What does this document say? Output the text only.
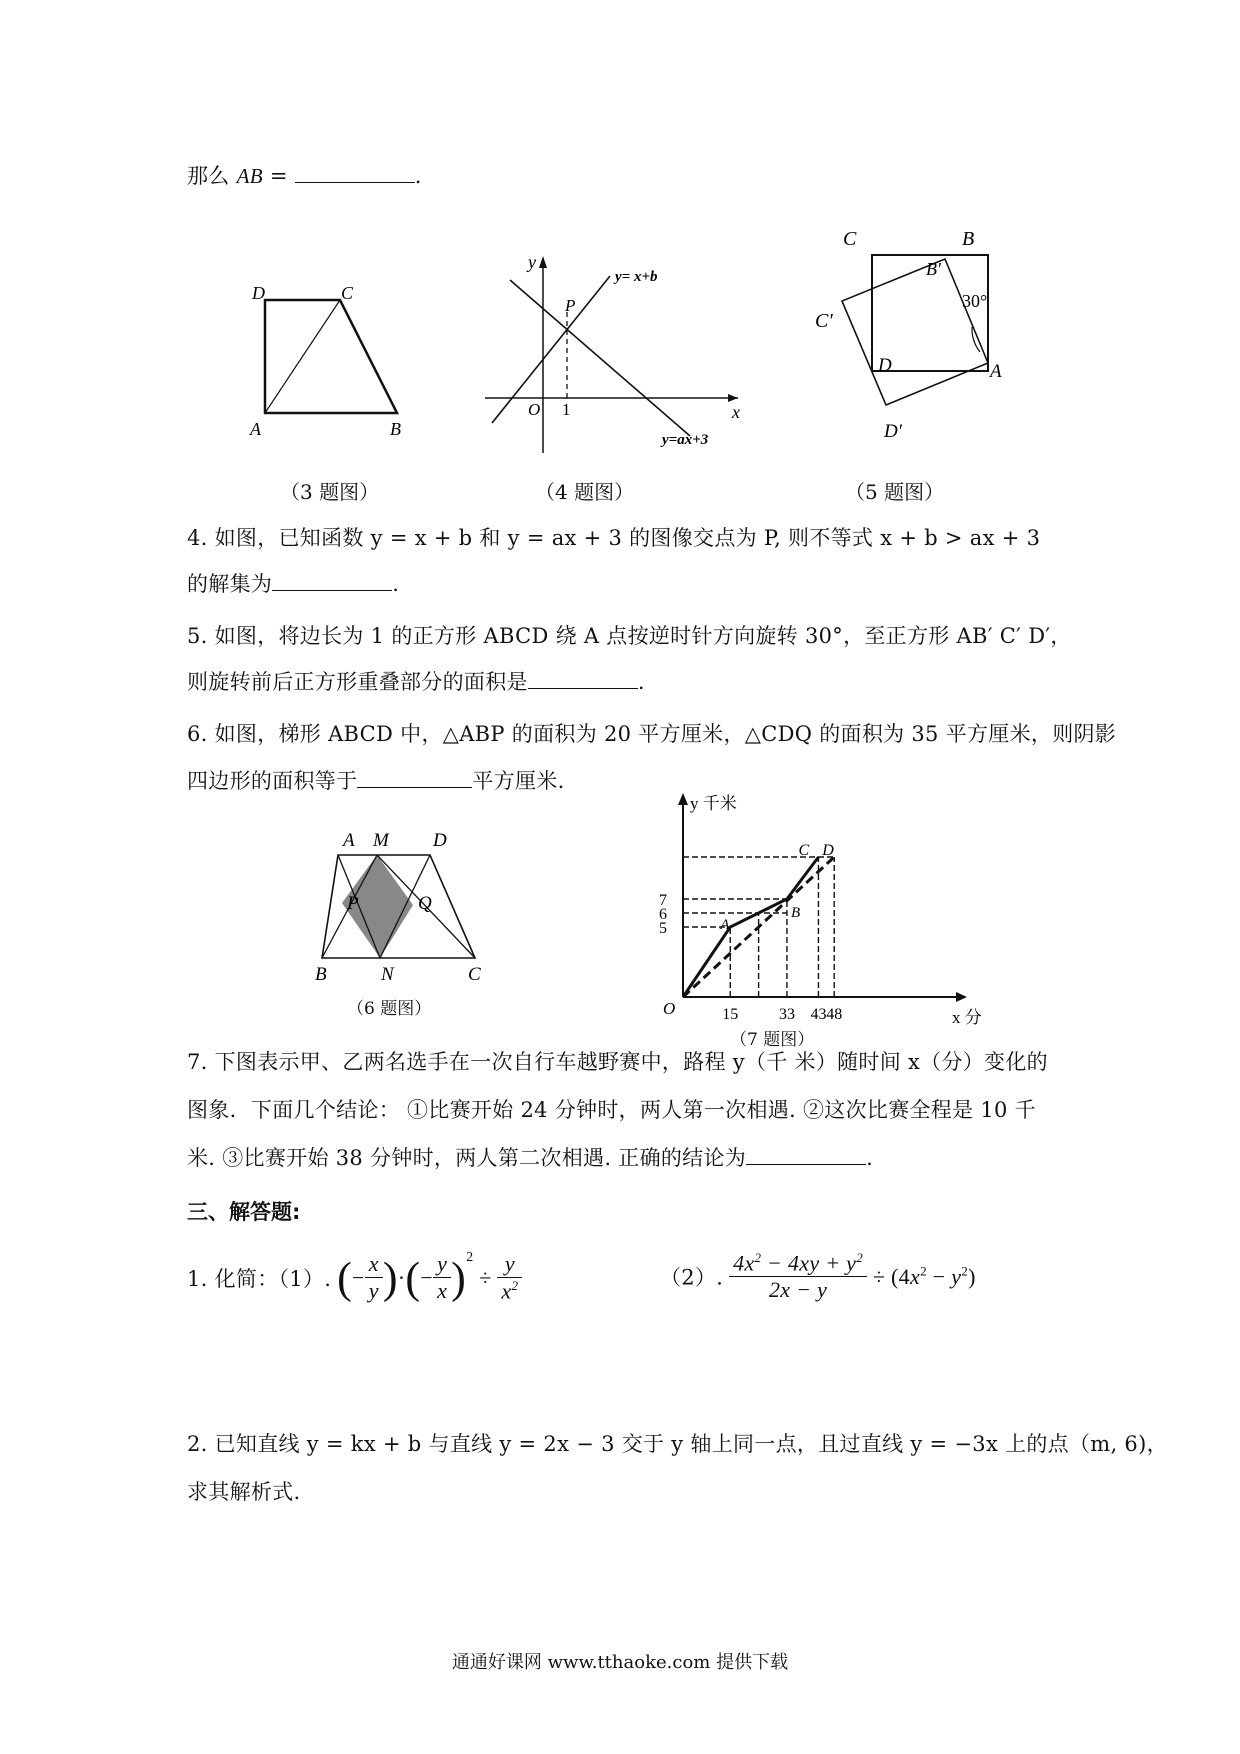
那么 AB =	.
D	C
A	B
y
x
O 1
P
y= x+b
y=ax+3
C	B
B′
30°
C′
D	A
D′
（3 题图）	（4 题图）	（5 题图）
4. 如图，已知函数 y = x + b 和 y = ax + 3 的图像交点为 P, 则不等式 x + b > ax + 3
的解集为	.
5. 如图，将边长为 1 的正方形 ABCD 绕 A 点按逆时针方向旋转 30°，至正方形 AB′ C′ D′，
则旋转前后正方形重叠部分的面积是	.
6. 如图，梯形 ABCD 中，△ABP 的面积为 20 平方厘米，△CDQ 的面积为 35 平方厘米，则阴影
四边形的面积等于	平方厘米.
A M D
P	Q
B	N	C
（6 题图）
7
6
5
15	33 43 48
y 千米
x 分
O
A
B
C D
（7 题图）
7. 下图表示甲、乙两名选手在一次自行车越野赛中，路程 y（千 米）随时间 x（分）变化的
图象．下面几个结论： ①比赛开始 24 分钟时，两人第一次相遇. ②这次比赛全程是 10 千
米. ③比赛开始 38 分钟时，两人第二次相遇. 正确的结论为	.
三、解答题:
1. 化简：（1）. (− $\frac{x}{y}$ )·(− $\frac{y}{x} )^2 \div \frac{y}{x^2}$	（2）. $\frac{4x^2 - 4xy + y^2}{2x - y} \div (4x^2 - y^2)$
2. 已知直线 y = kx + b 与直线 y = 2x − 3 交于 y 轴上同一点，且过直线 y = −3x 上的点（m, 6)，
求其解析式.
通通好课网 www.tthaoke.com 提供下载
